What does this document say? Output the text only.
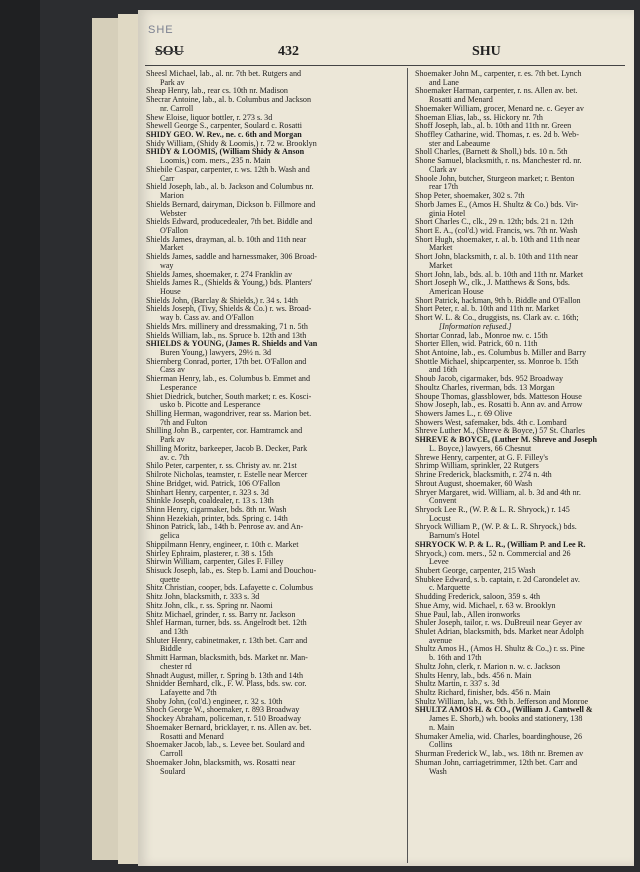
SHE
SOU	432	SHU

Sheesl Michael, lab., al. nr. 7th bet. Rutgers and

Park av

Sheap Henry, lab., rear cs. 10th nr. Madison

Shecrar Antoine, lab., al. b. Columbus and Jackson

nr. Carroll

Shew Eloise, liquor bottler, r. 273 s. 3d

Shewell George S., carpenter, Soulard c. Rosatti

SHIDY GEO. W. Rev., ne. c. 6th and Morgan

Shidy William, (Shidy & Loomis,) r. 72 w. Brooklyn

SHIDY & LOOMIS, (William Shidy & Anson

Loomis,) com. mers., 235 n. Main

Shiebile Caspar, carpenter, r. ws. 12th b. Wash and

Carr

Shield Joseph, lab., al. b. Jackson and Columbus nr.

Marion

Shields Bernard, dairyman, Dickson b. Fillmore and

Webster

Shields Edward, producedealer, 7th bet. Biddle and

O'Fallon

Shields James, drayman, al. b. 10th and 11th near

Market

Shields James, saddle and harnessmaker, 306 Broad-

way

Shields James, shoemaker, r. 274 Franklin av

Shields James R., (Shields & Young,) bds. Planters'

House

Shields John, (Barclay & Shields,) r. 34 s. 14th

Shields Joseph, (Tivy, Shields & Co.) r. ws. Broad-

way b. Cass av. and O'Fallon

Shields Mrs. millinery and dressmaking, 71 n. 5th

Shields William, lab., ns. Spruce b. 12th and 13th

SHIELDS & YOUNG, (James R. Shields and Van

Buren Young,) lawyers, 29½ n. 3d

Shiernberg Conrad, porter, 17th bet. O'Fallon and

Cass av

Shierman Henry, lab., es. Columbus b. Emmet and

Lesperance

Shiet Diedrick, butcher, South market; r. es. Kosci-

usko b. Picotte and Lesperance

Shilling Herman, wagondriver, rear ss. Marion bet.

7th and Fulton

Shilling John B., carpenter, cor. Hamtramck and

Park av

Shilling Moritz, barkeeper, Jacob B. Decker, Park

av. c. 7th

Shilo Peter, carpenter, r. ss. Christy av. nr. 21st

Shilrote Nicholas, teamster, r. Estelle near Mercer

Shine Bridget, wid. Patrick, 106 O'Fallon

Shinhart Henry, carpenter, r. 323 s. 3d

Shinkle Joseph, coaldealer, r. 13 s. 13th

Shinn Henry, cigarmaker, bds. 8th nr. Wash

Shinn Hezekiah, printer, bds. Spring c. 14th

Shinon Patrick, lab., 14th b. Penrose av. and An-

gelica

Shippilmann Henry, engineer, r. 10th c. Market

Shirley Ephraim, plasterer, r. 38 s. 15th

Shirwin William, carpenter, Giles F. Filley

Shisuck Joseph, lab., es. Step b. Lami and Douchou-

quette

Shitz Christian, cooper, bds. Lafayette c. Columbus

Shitz John, blacksmith, r. 333 s. 3d

Shitz John, clk., r. ss. Spring nr. Naomi

Shitz Michael, grinder, r. ss. Barry nr. Jackson

Shlef Harman, turner, bds. ss. Angelrodt bet. 12th

and 13th

Shluter Henry, cabinetmaker, r. 13th bet. Carr and

Biddle

Shmitt Harman, blacksmith, bds. Market nr. Man-

chester rd

Shnadt August, miller, r. Spring b. 13th and 14th

Shnidder Bernhard, clk., F. W. Plass, bds. sw. cor.

Lafayette and 7th

Shoby John, (col'd.) engineer, r. 32 s. 10th

Shoch George W., shoemaker, r. 893 Broadway

Shockey Abraham, policeman, r. 510 Broadway

Shoemaker Bernard, bricklayer, r. ns. Allen av. bet.

Rosatti and Menard

Shoemaker Jacob, lab., s. Levee bet. Soulard and

Carroll

Shoemaker John, blacksmith, ws. Rosatti near

Soulard

Shoemaker John M., carpenter, r. es. 7th bet. Lynch

and Lane

Shoemaker Harman, carpenter, r. ns. Allen av. bet.

Rosatti and Menard

Shoemaker William, grocer, Menard ne. c. Geyer av

Shoeman Elias, lab., ss. Hickory nr. 7th

Shoff Joseph, lab., al. b. 10th and 11th nr. Green

Shoffley Catharine, wid. Thomas, r. es. 2d b. Web-

ster and Labeaume

Sholl Charles, (Barnett & Sholl,) bds. 10 n. 5th

Shone Samuel, blacksmith, r. ns. Manchester rd. nr.

Clark av

Shoole John, butcher, Sturgeon market; r. Benton

rear 17th

Shop Peter, shoemaker, 302 s. 7th

Shorb James E., (Amos H. Shultz & Co.) bds. Vir-

ginia Hotel

Short Charles C., clk., 29 n. 12th; bds. 21 n. 12th

Short E. A., (col'd.) wid. Francis, ws. 7th nr. Wash

Short Hugh, shoemaker, r. al. b. 10th and 11th near

Market

Short John, blacksmith, r. al. b. 10th and 11th near

Market

Short John, lab., bds. al. b. 10th and 11th nr. Market

Short Joseph W., clk., J. Matthews & Sons, bds.

American House

Short Patrick, hackman, 9th b. Biddle and O'Fallon

Short Peter, r. al. b. 10th and 11th nr. Market

Short W. L. & Co., druggists, ns. Clark av. c. 16th;

[Information refused.]

Shortar Conrad, lab., Monroe nw. c. 15th

Shorter Ellen, wid. Patrick, 60 n. 11th

Shot Antoine, lab., es. Columbus b. Miller and Barry

Shottle Michael, shipcarpenter, ss. Monroe b. 15th

and 16th

Shoub Jacob, cigarmaker, bds. 952 Broadway

Shoultz Charles, riverman, bds. 13 Morgan

Shoupe Thomas, glassblower, bds. Matteson House

Show Joseph, lab., es. Rosatti b. Ann av. and Arrow

Showers James L., r. 69 Olive

Showers West, safemaker, bds. 4th c. Lombard

Shreve Luther M., (Shreve & Boyce,) 57 St. Charles

SHREVE & BOYCE, (Luther M. Shreve and Joseph

L. Boyce,) lawyers, 66 Chesnut

Shrewe Henry, carpenter, at G. F. Filley's

Shrimp William, sprinkler, 22 Rutgers

Shrine Frederick, blacksmith, r. 274 n. 4th

Shrout August, shoemaker, 60 Wash

Shryer Margaret, wid. William, al. b. 3d and 4th nr.

Convent

Shryock Lee R., (W. P. & L. R. Shryock,) r. 145

Locust

Shryock William P., (W. P. & L. R. Shryock,) bds.

Barnum's Hotel

SHRYOCK W. P. & L. R., (William P. and Lee R.

Shryock,) com. mers., 52 n. Commercial and 26

Levee

Shubert George, carpenter, 215 Wash

Shubkee Edward, s. b. captain, r. 2d Carondelet av.

c. Marquette

Shudding Frederick, saloon, 359 s. 4th

Shue Amy, wid. Michael, r. 63 w. Brooklyn

Shue Paul, lab., Allen ironworks

Shuler Joseph, tailor, r. ws. DuBreuil near Geyer av

Shulet Adrian, blacksmith, bds. Market near Adolph

avenue

Shultz Amos H., (Amos H. Shultz & Co.,) r. ss. Pine

b. 16th and 17th

Shultz John, clerk, r. Marion n. w. c. Jackson

Shults Henry, lab., bds. 456 n. Main

Shultz Martin, r. 337 s. 3d

Shultz Richard, finisher, bds. 456 n. Main

Shultz William, lab., ws. 9th b. Jefferson and Monroe

SHULTZ AMOS H. & CO., (William J. Cantwell &

James E. Shorb,) wh. books and stationery, 138

n. Main

Shumaker Amelia, wid. Charles, boardinghouse, 26

Collins

Shurman Frederick W., lab., ws. 18th nr. Bremen av

Shuman John, carriagetrimmer, 12th bet. Carr and

Wash
